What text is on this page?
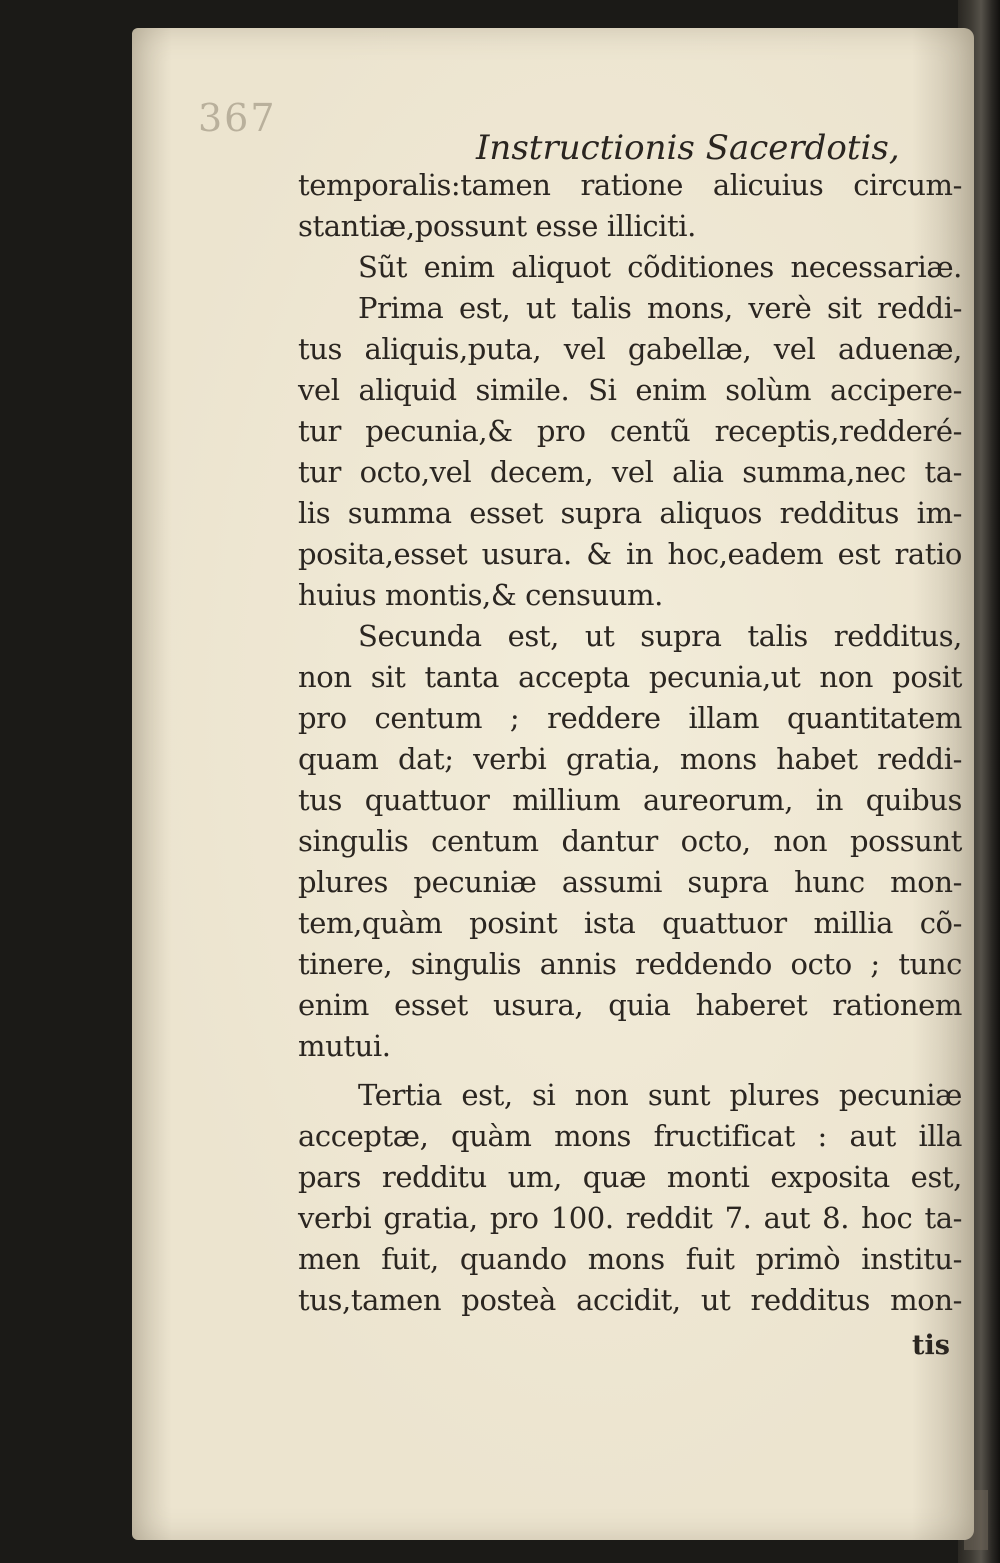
367
Instructionis Sacerdotis,
temporalis:tamen ratione alicuius circum-
stantiæ,possunt esse illiciti.
Sũt enim aliquot cõditiones necessariæ.
Prima est, ut talis mons, verè sit reddi-
tus aliquis,puta, vel gabellæ, vel aduenæ,
vel aliquid simile. Si enim solùm accipere-
tur pecunia,& pro centũ receptis,redderé-
tur octo,vel decem, vel alia summa,nec ta-
lis summa esset supra aliquos redditus im-
posita,esset usura. & in hoc,eadem est ratio
huius montis,& censuum.
Secunda est, ut supra talis redditus,
non sit tanta accepta pecunia,ut non posit
pro centum ; reddere illam quantitatem
quam dat; verbi gratia, mons habet reddi-
tus quattuor millium aureorum, in quibus
singulis centum dantur octo, non possunt
plures pecuniæ assumi supra hunc mon-
tem,quàm posint ista quattuor millia cõ-
tinere, singulis annis reddendo octo ; tunc
enim esset usura, quia haberet rationem
mutui.
Tertia est, si non sunt plures pecuniæ
acceptæ, quàm mons fructificat : aut illa
pars redditu um, quæ monti exposita est,
verbi gratia, pro 100. reddit 7. aut 8. hoc ta-
men fuit, quando mons fuit primò institu-
tus,tamen posteà accidit, ut redditus mon-
tis
